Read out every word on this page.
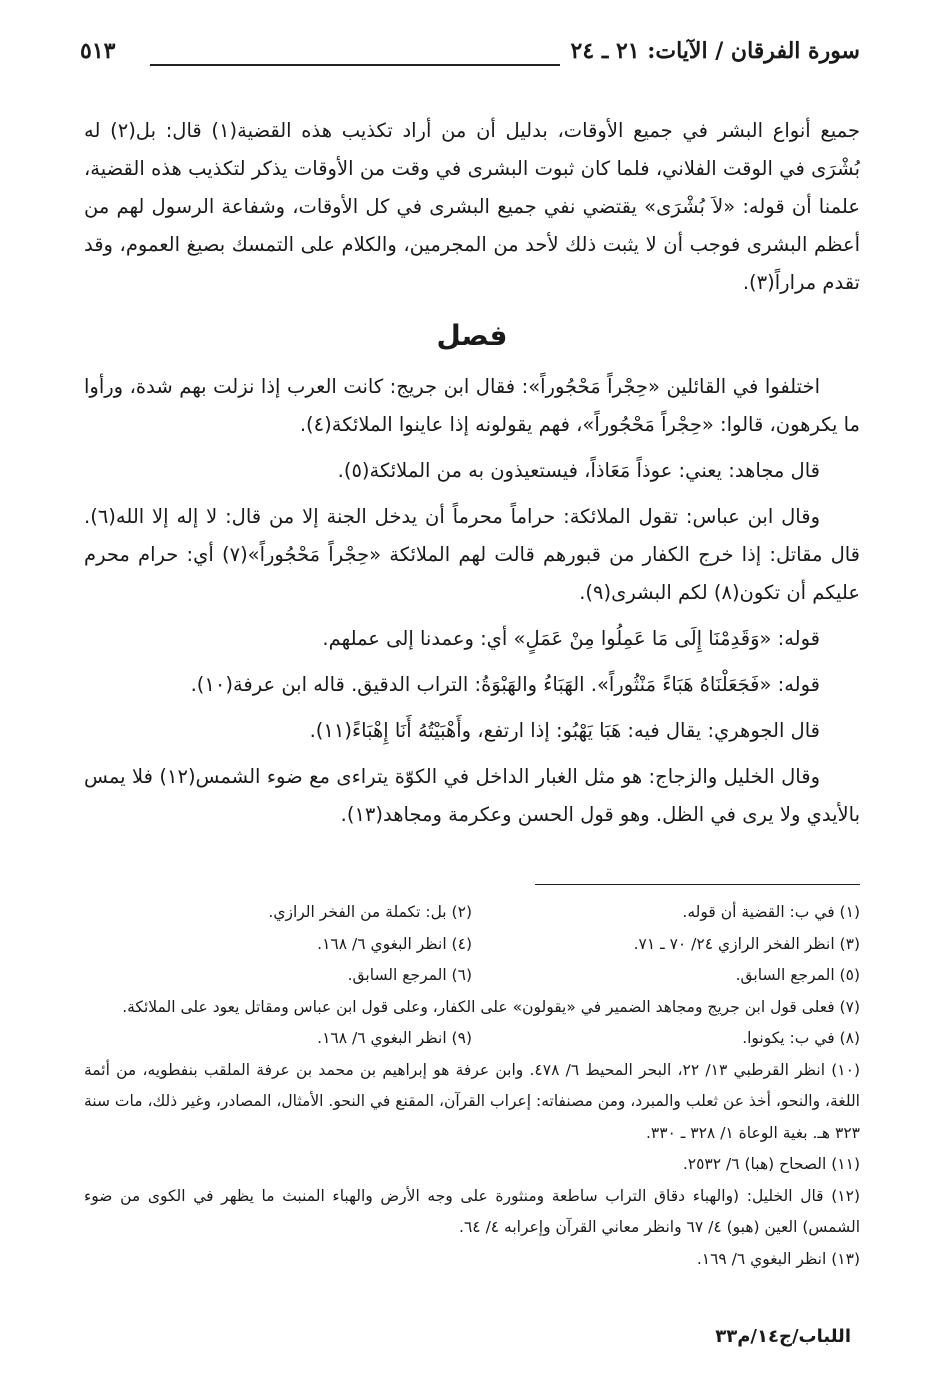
سورة الفرقان / الآيات: ٢١ ـ ٢٤
٥١٣

جميع أنواع البشر في جميع الأوقات، بدليل أن من أراد تكذيب هذه القضية(١) قال: بل(٢) له بُشْرَى في الوقت الفلاني، فلما كان ثبوت البشرى في وقت من الأوقات يذكر لتكذيب هذه القضية، علمنا أن قوله: «لاَ بُشْرَى» يقتضي نفي جميع البشرى في كل الأوقات، وشفاعة الرسول لهم من أعظم البشرى فوجب أن لا يثبت ذلك لأحد من المجرمين، والكلام على التمسك بصيغ العموم، وقد تقدم مراراً(٣).

فصل

اختلفوا في القائلين «حِجْراً مَحْجُوراً»: فقال ابن جريج: كانت العرب إذا نزلت بهم شدة، ورأوا ما يكرهون، قالوا: «حِجْراً مَحْجُوراً»، فهم يقولونه إذا عاينوا الملائكة(٤).

قال مجاهد: يعني: عوذاً مَعَاذاً، فيستعيذون به من الملائكة(٥).

وقال ابن عباس: تقول الملائكة: حراماً محرماً أن يدخل الجنة إلا من قال: لا إله إلا الله(٦). قال مقاتل: إذا خرج الكفار من قبورهم قالت لهم الملائكة «حِجْراً مَحْجُوراً»(٧) أي: حرام محرم عليكم أن تكون(٨) لكم البشرى(٩).

قوله: «وَقَدِمْنَا إِلَى مَا عَمِلُوا مِنْ عَمَلٍ» أي: وعمدنا إلى عملهم.

قوله: «فَجَعَلْنَاهُ هَبَاءً مَنْثُوراً». الهَبَاءُ والهَبْوَةُ: التراب الدقيق. قاله ابن عرفة(١٠).

قال الجوهري: يقال فيه: هَبَا يَهْبُو: إذا ارتفع، وأَهْبَيْتُهُ أَنَا إِهْبَاءً(١١).

وقال الخليل والزجاج: هو مثل الغبار الداخل في الكوّة يتراءى مع ضوء الشمس(١٢) فلا يمس بالأيدي ولا يرى في الظل. وهو قول الحسن وعكرمة ومجاهد(١٣).

(١) في ب: القضية أن قوله.
(٢) بل: تكملة من الفخر الرازي.
(٣) انظر الفخر الرازي ٢٤/ ٧٠ ـ ٧١.
(٤) انظر البغوي ٦/ ١٦٨.
(٥) المرجع السابق.
(٦) المرجع السابق.
(٧) فعلى قول ابن جريج ومجاهد الضمير في «يقولون» على الكفار، وعلى قول ابن عباس ومقاتل يعود على الملائكة.
(٨) في ب: يكونوا.
(٩) انظر البغوي ٦/ ١٦٨.
(١٠) انظر القرطبي ١٣/ ٢٢، البحر المحيط ٦/ ٤٧٨. وابن عرفة هو إبراهيم بن محمد بن عرفة الملقب بنفطويه، من أئمة اللغة، والنحو، أخذ عن ثعلب والمبرد، ومن مصنفاته: إعراب القرآن، المقنع في النحو. الأمثال، المصادر، وغير ذلك، مات سنة ٣٢٣ هـ. بغية الوعاة ١/ ٣٢٨ ـ ٣٣٠.
(١١) الصحاح (هبا) ٦/ ٢٥٣٢.
(١٢) قال الخليل: (والهباء دقاق التراب ساطعة ومنثورة على وجه الأرض والهباء المنبث ما يظهر في الكوى من ضوء الشمس) العين (هبو) ٤/ ٦٧ وانظر معاني القرآن وإعرابه ٤/ ٦٤.
(١٣) انظر البغوي ٦/ ١٦٩.
اللباب/ج١٤/م٣٣
